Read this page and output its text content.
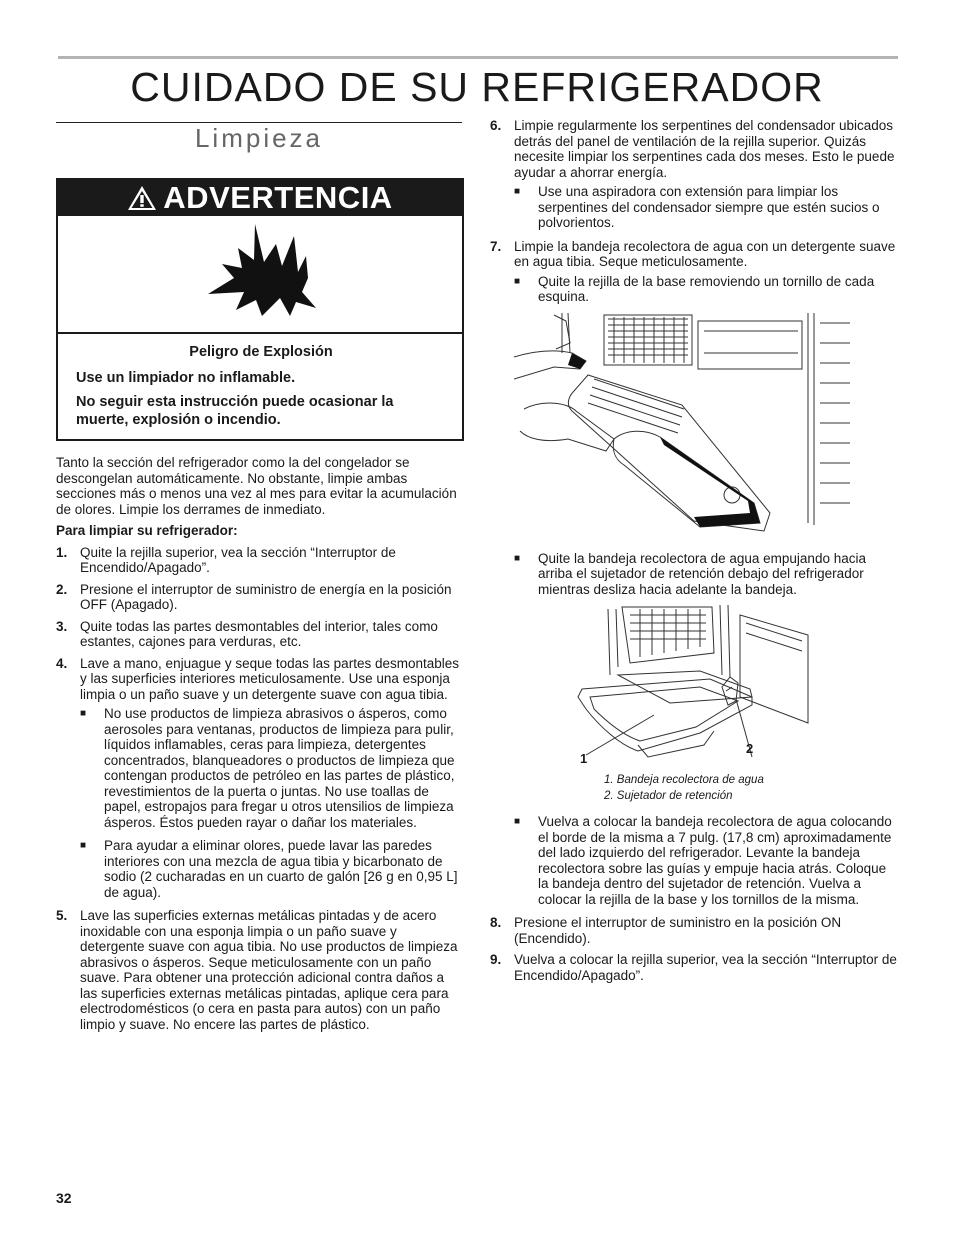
CUIDADO DE SU REFRIGERADOR
Limpieza
ADVERTENCIA

Peligro de Explosión

Use un limpiador no inflamable.

No seguir esta instrucción puede ocasionar la muerte, explosión o incendio.

Tanto la sección del refrigerador como la del congelador se descongelan automáticamente. No obstante, limpie ambas secciones más o menos una vez al mes para evitar la acumulación de olores. Limpie los derrames de inmediato.

Para limpiar su refrigerador:
1. Quite la rejilla superior, vea la sección “Interruptor de Encendido/Apagado”.
2. Presione el interruptor de suministro de energía en la posición OFF (Apagado).
3. Quite todas las partes desmontables del interior, tales como estantes, cajones para verduras, etc.
4. Lave a mano, enjuague y seque todas las partes desmontables y las superficies interiores meticulosamente. Use una esponja limpia o un paño suave y un detergente suave con agua tibia.
■	No use productos de limpieza abrasivos o ásperos, como aerosoles para ventanas, productos de limpieza para pulir, líquidos inflamables, ceras para limpieza, detergentes concentrados, blanqueadores o productos de limpieza que contengan productos de petróleo en las partes de plástico, revestimientos de la puerta o juntas. No use toallas de papel, estropajos para fregar u otros utensilios de limpieza ásperos. Éstos pueden rayar o dañar los materiales.
■	Para ayudar a eliminar olores, puede lavar las paredes interiores con una mezcla de agua tibia y bicarbonato de sodio (2 cucharadas en un cuarto de galón [26 g en 0,95 L] de agua).
5. Lave las superficies externas metálicas pintadas y de acero inoxidable con una esponja limpia o un paño suave y detergente suave con agua tibia. No use productos de limpieza abrasivos o ásperos. Seque meticulosamente con un paño suave. Para obtener una protección adicional contra daños a las superficies externas metálicas pintadas, aplique cera para electrodomésticos (o cera en pasta para autos) con un paño limpio y suave. No encere las partes de plástico.
6. Limpie regularmente los serpentines del condensador ubicados detrás del panel de ventilación de la rejilla superior. Quizás necesite limpiar los serpentines cada dos meses. Esto le puede ayudar a ahorrar energía.
■	Use una aspiradora con extensión para limpiar los serpentines del condensador siempre que estén sucios o polvorientos.
7. Limpie la bandeja recolectora de agua con un detergente suave en agua tibia. Seque meticulosamente.
■	Quite la rejilla de la base removiendo un tornillo de cada esquina.
■	Quite la bandeja recolectora de agua empujando hacia arriba el sujetador de retención debajo del refrigerador mientras desliza hacia adelante la bandeja.
1
2
1. Bandeja recolectora de agua
2. Sujetador de retención
■	Vuelva a colocar la bandeja recolectora de agua colocando el borde de la misma a 7 pulg. (17,8 cm) aproximadamente del lado izquierdo del refrigerador. Levante la bandeja recolectora sobre las guías y empuje hacia atrás. Coloque la bandeja dentro del sujetador de retención. Vuelva a colocar la rejilla de la base y los tornillos de la misma.
8. Presione el interruptor de suministro en la posición ON (Encendido).
9. Vuelva a colocar la rejilla superior, vea la sección “Interruptor de Encendido/Apagado”.
32
